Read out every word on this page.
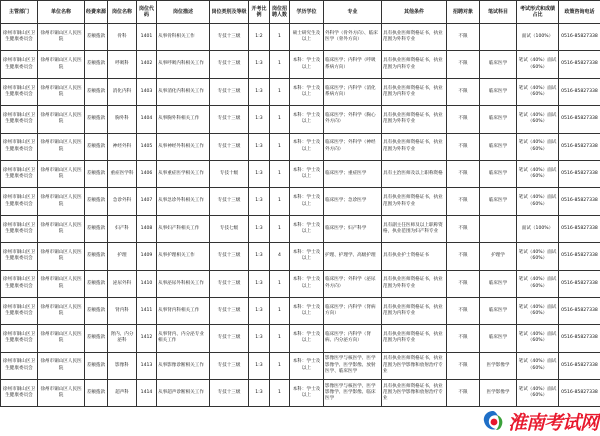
主管部门	单位名称	经费来源	岗位名称	岗位代码	岗位描述	岗位类别及等级	开考比例	岗位招聘人数	学历学位	专业	其他条件	招聘对象	笔试科目	考试形式和成绩占比	政策咨询电话
徐州市铜山区卫生健康委员会	徐州市铜山区人民医院	差额拨款	骨科	1401	从事骨科相关工作	专技十三级	1:2	1	硕士研究生及以上	外科学（骨外方向）、临床医学（骨外方向）	具有执业医师资格证书，执业范围为外科专业	不限		面试（100%）	0516-85827338
徐州市铜山区卫生健康委员会	徐州市铜山区人民医院	差额拨款	呼吸科	1402	从事呼吸内科相关工作	专技十三级	1:3	1	本科：学士及以上	临床医学；内科学（呼吸系病方向）	具有执业医师资格证书，执业范围为内科专业	不限	临床医学	笔试（40%）面试（60%）	0516-85827338
徐州市铜山区卫生健康委员会	徐州市铜山区人民医院	差额拨款	消化内科	1403	从事消化内科相关工作	专技十三级	1:3	1	本科：学士及以上	临床医学；内科学（消化系病方向）	具有执业医师资格证书，执业范围为内科专业	不限	临床医学	笔试（40%）面试（60%）	0516-85827338
徐州市铜山区卫生健康委员会	徐州市铜山区人民医院	差额拨款	胸外科	1404	从事胸外科相关工作	专技十三级	1:3	1	本科：学士及以上	临床医学；外科学（胸心外方向）	具有执业医师资格证书，执业范围为外科专业	不限	临床医学	笔试（40%）面试（60%）	0516-85827338
徐州市铜山区卫生健康委员会	徐州市铜山区人民医院	差额拨款	神经外科	1405	从事神经外科相关工作	专技十三级	1:3	1	本科：学士及以上	临床医学；外科学（神经外方向）	具有执业医师资格证书，执业范围为外科专业	不限	临床医学	笔试（40%）面试（60%）	0516-85827338
徐州市铜山区卫生健康委员会	徐州市铜山区人民医院	差额拨款	重症医学科	1406	从事重症医学相关工作	专技十级	1:3	1	本科：学士及以上	临床医学；重症医学	具有主治医师及以上职称资格	不限	临床医学	笔试（40%）面试（60%）	0516-85827338
徐州市铜山区卫生健康委员会	徐州市铜山区人民医院	差额拨款	急诊外科	1407	从事急诊外科相关工作	专技十三级	1:3	1	本科：学士及以上	临床医学；急诊医学	具有执业医师资格证书，执业范围为外科专业	不限	临床医学	笔试（40%）面试（60%）	0516-85827338
徐州市铜山区卫生健康委员会	徐州市铜山区人民医院	差额拨款	妇产科	1408	从事妇产科相关工作	专技七级	1:3	1	本科：学士及以上	临床医学；妇产科学	具有副主任医师及以上职称资格，执业范围为妇产科专业	不限		面试（100%）	0516-85827338
徐州市铜山区卫生健康委员会	徐州市铜山区人民医院	差额拨款	护理	1409	从事护理相关工作	专技十三级	1:3	4	本科：学士及以上	护理、护理学、高级护理	具有执业护士资格证书	不限	护理学	笔试（40%）面试（60%）	0516-85827338
徐州市铜山区卫生健康委员会	徐州市铜山区人民医院	差额拨款	泌尿外科	1410	从事泌尿外科相关工作	专技十三级	1:3	1	本科：学士及以上	临床医学；外科学（泌尿外方向）	具有执业医师资格证书，执业范围为外科专业	不限	临床医学	笔试（40%）面试（60%）	0516-85827338
徐州市铜山区卫生健康委员会	徐州市铜山区人民医院	差额拨款	肾内科	1411	从事肾内科相关工作	专技十三级	1:3	1	本科：学士及以上	临床医学；内科学（肾病方向）	具有执业医师资格证书，执业范围为内科专业	不限	临床医学	笔试（40%）面试（60%）	0516-85827338
徐州市铜山区卫生健康委员会	徐州市铜山区人民医院	差额拨款	肾内、内分泌科	1412	从事肾内、内分泌专业相关工作	专技十三级	1:3	1	本科：学士及以上	临床医学；内科学（肾病、内分泌方向）	具有执业医师资格证书，执业范围为内科专业	不限	临床医学	笔试（40%）面试（60%）	0516-85827338
徐州市铜山区卫生健康委员会	徐州市铜山区人民医院	差额拨款	影像科	1413	从事影像诊断相关工作	专技十三级	1:3	1	本科：学士及以上	影像医学与核医学、医学影像学、医学影像、放射医学、临床医学	具有执业医师资格证书，执业范围为医学影像和放射治疗专业	不限	医学影像学	笔试（40%）面试（60%）	0516-85827338
徐州市铜山区卫生健康委员会	徐州市铜山区人民医院	差额拨款	超声科	1414	从事超声诊断相关工作	专技十三级	1:3	1	本科：学士及以上	影像医学与核医学、医学影像学、医学影像、临床医学	具有执业医师资格证书，执业范围为医学影像和放射治疗专业	不限	医学影像学	笔试（40%）面试（60%）	0516-85827338
淮南考试网
